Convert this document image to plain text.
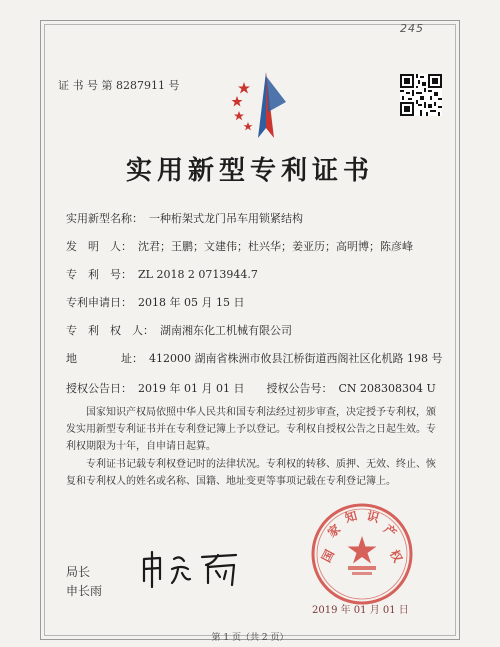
245
证 书 号 第 8287911 号
实用新型专利证书
实用新型名称： 一种桁架式龙门吊车用锁紧结构
发　明　人： 沈君；王鹏；文建伟；杜兴华；姜亚历；高明博；陈彦峰
专　利　号： ZL 2018 2 0713944.7
专利申请日： 2018 年 05 月 15 日
专　利　权　人： 湖南湘东化工机械有限公司
地　　　　址： 412000 湖南省株洲市攸县江桥街道西阁社区化机路 198 号
授权公告日： 2019 年 01 月 01 日 授权公告号： CN 208308304 U
国家知识产权局依照中华人民共和国专利法经过初步审查，决定授予专利权，颁发实用新型专利证书并在专利登记簿上予以登记。专利权自授权公告之日起生效。专利权期限为十年，自申请日起算。
专利证书记载专利权登记时的法律状况。专利权的转移、质押、无效、终止、恢复和专利权人的姓名或名称、国籍、地址变更等事项记载在专利登记簿上。
局长
申长雨
国
家
知 识
产
权
2019 年 01 月 01 日
第 1 页（共 2 页）
